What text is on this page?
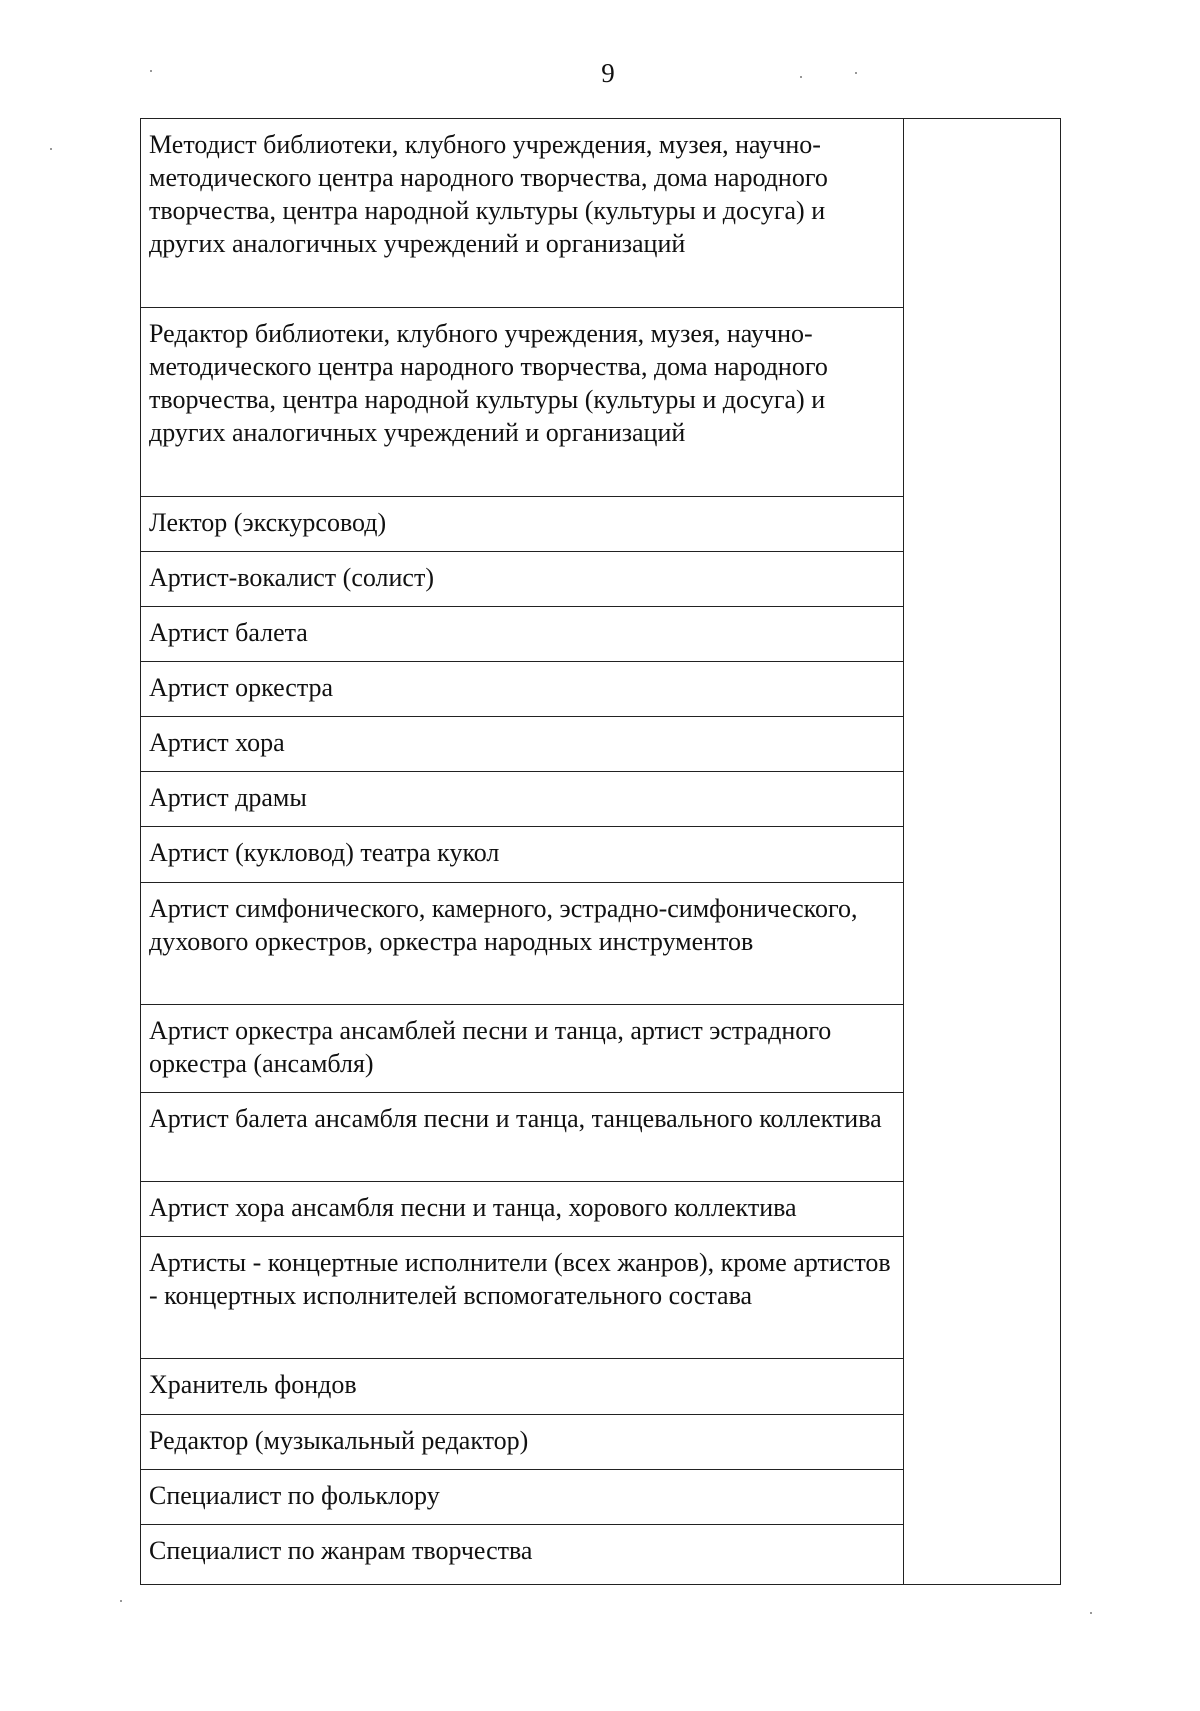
9
Методист библиотеки, клубного учреждения, музея, научно-методического центра народного творчества, дома народного творчества, центра народной культуры (культуры и досуга) и других аналогичных учреждений и организаций
Редактор библиотеки, клубного учреждения, музея, научно-методического центра народного творчества, дома народного творчества, центра народной культуры (культуры и досуга) и других аналогичных учреждений и организаций
Лектор (экскурсовод)
Артист-вокалист (солист)
Артист балета
Артист оркестра
Артист хора
Артист драмы
Артист (кукловод) театра кукол
Артист симфонического, камерного, эстрадно-симфонического, духового оркестров, оркестра народных инструментов
Артист оркестра ансамблей песни и танца, артист эстрадного оркестра (ансамбля)
Артист балета ансамбля песни и танца, танцевального коллектива
Артист хора ансамбля песни и танца, хорового коллектива
Артисты - концертные исполнители (всех жанров), кроме артистов - концертных исполнителей вспомогательного состава
Хранитель фондов
Редактор (музыкальный редактор)
Специалист по фольклору
Специалист по жанрам творчества
